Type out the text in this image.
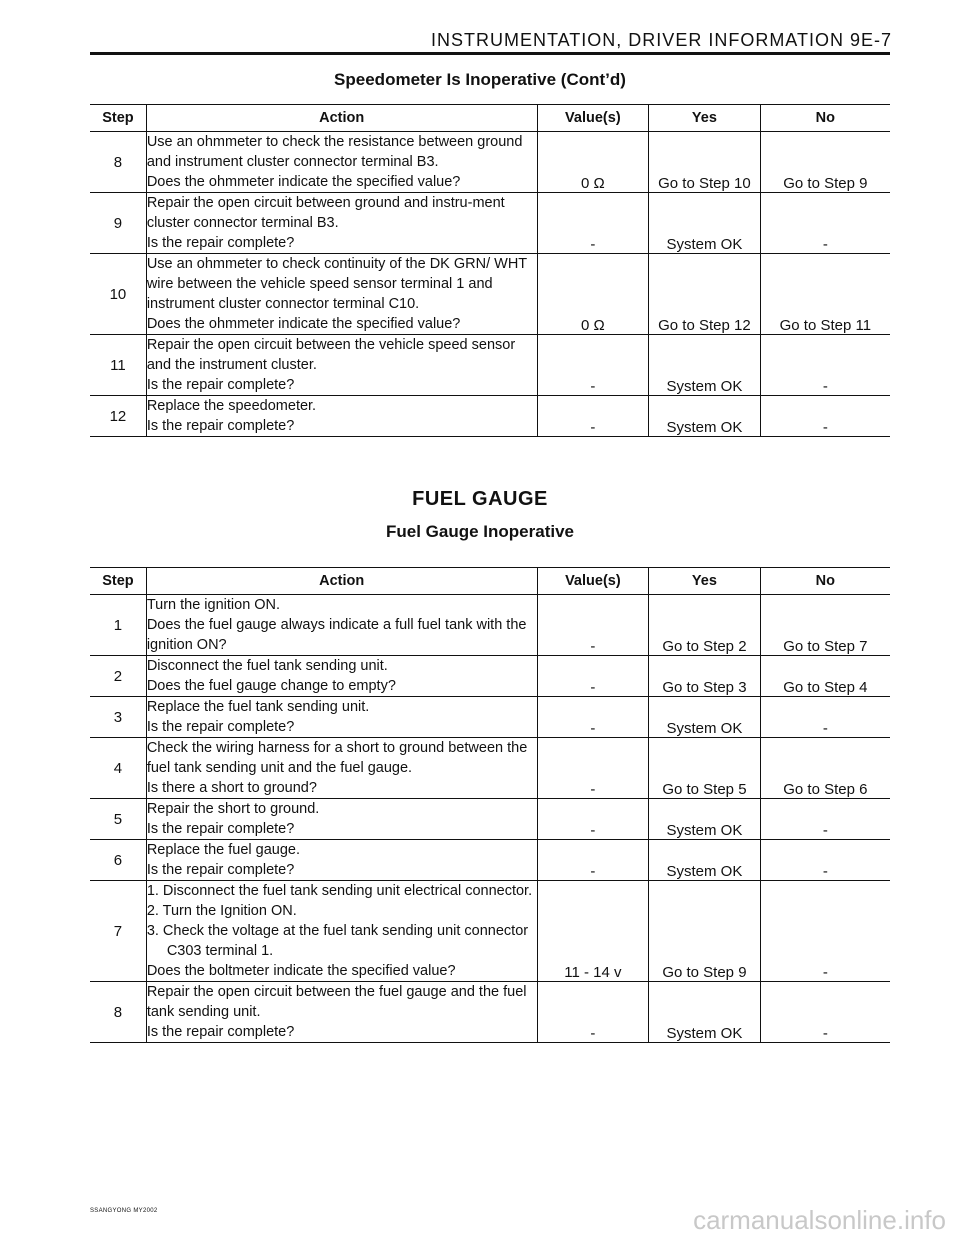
INSTRUMENTATION, DRIVER INFORMATION 9E-7
Speedometer Is Inoperative (Cont’d)
Step	Action	Value(s)	Yes	No
8	Use an ohmmeter to check the resistance between ground and instrument cluster connector terminal B3.
Does the ohmmeter indicate the specified value?	0 Ω	Go to Step 10	Go to Step 9
9	Repair the open circuit between ground and instru-ment cluster connector terminal B3.
Is the repair complete?	-	System OK	-
10	Use an ohmmeter to check continuity of the DK GRN/ WHT wire between the vehicle speed sensor terminal 1 and instrument cluster connector terminal C10.
Does the ohmmeter indicate the specified value?	0 Ω	Go to Step 12	Go to Step 11
11	Repair the open circuit between the vehicle speed sensor and the instrument cluster.
Is the repair complete?	-	System OK	-
12	Replace the speedometer.
Is the repair complete?	-	System OK	-
FUEL GAUGE
Fuel Gauge Inoperative
Step	Action	Value(s)	Yes	No
1	Turn the ignition ON.
Does the fuel gauge always indicate a full fuel tank with the ignition ON?	-	Go to Step 2	Go to Step 7
2	Disconnect the fuel tank sending unit.
Does the fuel gauge change to empty?	-	Go to Step 3	Go to Step 4
3	Replace the fuel tank sending unit.
Is the repair complete?	-	System OK	-
4	Check the wiring harness for a short to ground between the fuel tank sending unit and the fuel gauge.
Is there a short to ground?	-	Go to Step 5	Go to Step 6
5	Repair the short to ground.
Is the repair complete?	-	System OK	-
6	Replace the fuel gauge.
Is the repair complete?	-	System OK	-
7	1. Disconnect the fuel tank sending unit electrical connector.
2. Turn the Ignition ON.
3. Check the voltage at the fuel tank sending unit connector C303 terminal 1.
Does the boltmeter indicate the specified value?	11 - 14 v	Go to Step 9	-
8	Repair the open circuit between the fuel gauge and the fuel tank sending unit.
Is the repair complete?	-	System OK	-
SSANGYONG MY2002	carmanualsonline.info
